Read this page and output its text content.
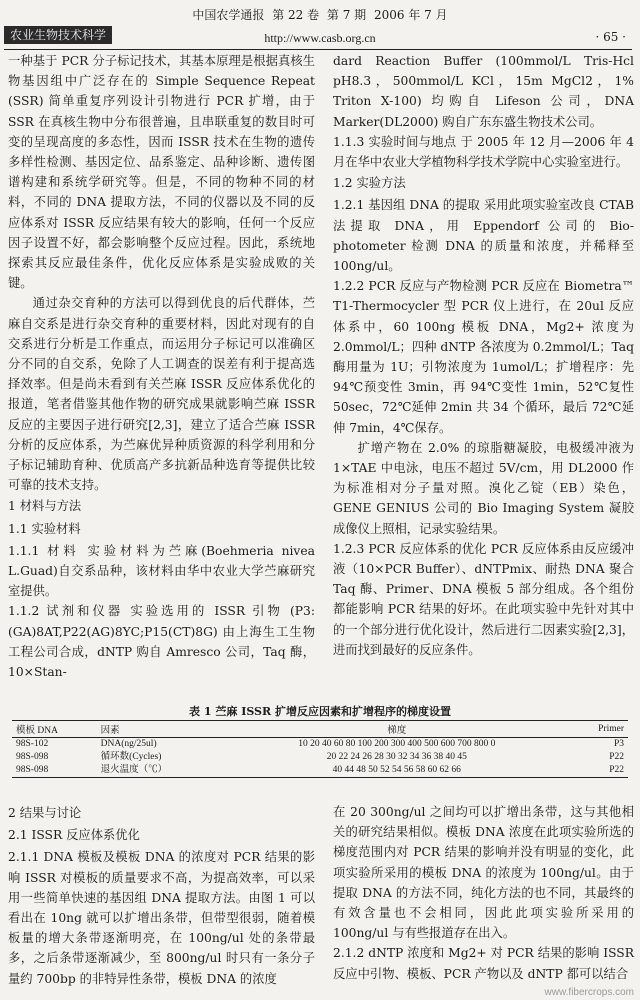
中国农学通报 第 22 卷 第 7 期 2006 年 7 月
农业生物技术科学	http://www.casb.org.cn	· 65 ·

一种基于 PCR 分子标记技术，其基本原理是根据真核生物基因组中广泛存在的 Simple Sequence Repeat (SSR) 简单重复序列设计引物进行 PCR 扩增，由于 SSR 在真核生物中分布很普遍，且串联重复的数目时可变的呈现高度的多态性，因而 ISSR 技术在生物的遗传多样性检测、基因定位、品系鉴定、品种诊断、遗传图谱构建和系统学研究等。但是，不同的物种不同的材料，不同的 DNA 提取方法，不同的仪器以及不同的反应体系对 ISSR 反应结果有较大的影响，任何一个反应因子设置不好，都会影响整个反应过程。因此，系统地探索其反应最佳条件，优化反应体系是实验成败的关键。

通过杂交育种的方法可以得到优良的后代群体，苎麻自交系是进行杂交育种的重要材料，因此对现有的自交系进行分析是工作重点，而运用分子标记可以准确区分不同的自交系，免除了人工调查的误差有利于提高选择效率。但是尚未看到有关苎麻 ISSR 反应体系优化的报道，笔者借鉴其他作物的研究成果就影响苎麻 ISSR 反应的主要因子进行研究[2,3]，建立了适合苎麻 ISSR 分析的反应体系，为苎麻优异种质资源的科学利用和分子标记辅助育种、优质高产多抗新品种选育等提供比较可靠的技术支持。

1 材料与方法

1.1 实验材料

1.1.1 材料 实验材料为苎麻(Boehmeria nivea L.Guad)自交系品种，该材料由华中农业大学苎麻研究室提供。

1.1.2 试剂和仪器 实验选用的 ISSR 引物 (P3:(GA)8AT,P22(AG)8YC;P15(CT)8G) 由上海生工生物工程公司合成，dNTP 购自 Amresco 公司，Taq 酶，10×Stan-

dard Reaction Buffer (100mmol/L Tris-Hcl pH8.3，500mmol/L KCl，15m MgCl2，1% Triton X-100) 均购自 Lifeson 公司，DNA Marker(DL2000) 购自广东东盛生物技术公司。

1.1.3 实验时间与地点 于 2005 年 12 月—2006 年 4 月在华中农业大学植物科学技术学院中心实验室进行。

1.2 实验方法

1.2.1 基因组 DNA 的提取 采用此项实验室改良 CTAB 法提取 DNA，用 Eppendorf 公司的 Bio-photometer 检测 DNA 的质量和浓度，并稀释至 100ng/ul。

1.2.2 PCR 反应与产物检测 PCR 反应在 Biometra™ T1-Thermocycler 型 PCR 仪上进行，在 20ul 反应体系中，60 100ng 模板 DNA，Mg2+ 浓度为 2.0mmol/L；四种 dNTP 各浓度为 0.2mmol/L；Taq 酶用量为 1U；引物浓度为 1umol/L；扩增程序：先 94℃预变性 3min，再 94℃变性 1min，52℃复性 50sec，72℃延伸 2min 共 34 个循环，最后 72℃延伸 7min，4℃保存。

扩增产物在 2.0% 的琼脂糖凝胶，电极缓冲液为 1×TAE 中电泳，电压不超过 5V/cm，用 DL2000 作为标准相对分子量对照。溴化乙锭（EB）染色，GENE GENIUS 公司的 Bio Imaging System 凝胶成像仪上照相，记录实验结果。

1.2.3 PCR 反应体系的优化 PCR 反应体系由反应缓冲液（10×PCR Buffer）、dNTPmix、耐热 DNA 聚合 Taq 酶、Primer、DNA 模板 5 部分组成。各个组份都能影响 PCR 结果的好坏。在此项实验中先针对其中的一个部分进行优化设计，然后进行二因素实验[2,3]，进而找到最好的反应条件。

表 1 苎麻 ISSR 扩增反应因素和扩增程序的梯度设置
模板 DNA	因素	梯度	Primer
98S-102	DNA(ng/25ul)	10 20 40 60 80 100 200 300 400 500 600 700 800 0	P3
98S-098	循环数(Cycles)	20 22 24 26 28 30 32 34 36 38 40 45	P22
98S-098	退火温度（℃）	40 44 48 50 52 54 56 58 60 62 66	P22

2 结果与讨论

2.1 ISSR 反应体系优化

2.1.1 DNA 模板及模板 DNA 的浓度对 PCR 结果的影响 ISSR 对模板的质量要求不高，为提高效率，可以采用一些简单快速的基因组 DNA 提取方法。由图 1 可以看出在 10ng 就可以扩增出条带，但带型很弱，随着模板量的增大条带逐渐明亮，在 100ng/ul 处的条带最多，之后条带逐渐减少，至 800ng/ul 时只有一条分子量约 700bp 的非特异性条带，模板 DNA 的浓度

在 20 300ng/ul 之间均可以扩增出条带，这与其他相关的研究结果相似。模板 DNA 浓度在此项实验所选的梯度范围内对 PCR 结果的影响并没有明显的变化，此项实验所采用的模板 DNA 的浓度为 100ng/ul。由于提取 DNA 的方法不同，纯化方法的也不同，其最终的有效含量也不会相同，因此此项实验所采用的 100ng/ul 与有些报道存在出入。

2.1.2 dNTP 浓度和 Mg2+ 对 PCR 结果的影响 ISSR 反应中引物、模板、PCR 产物以及 dNTP 都可以结合

www.fibercrops.com
